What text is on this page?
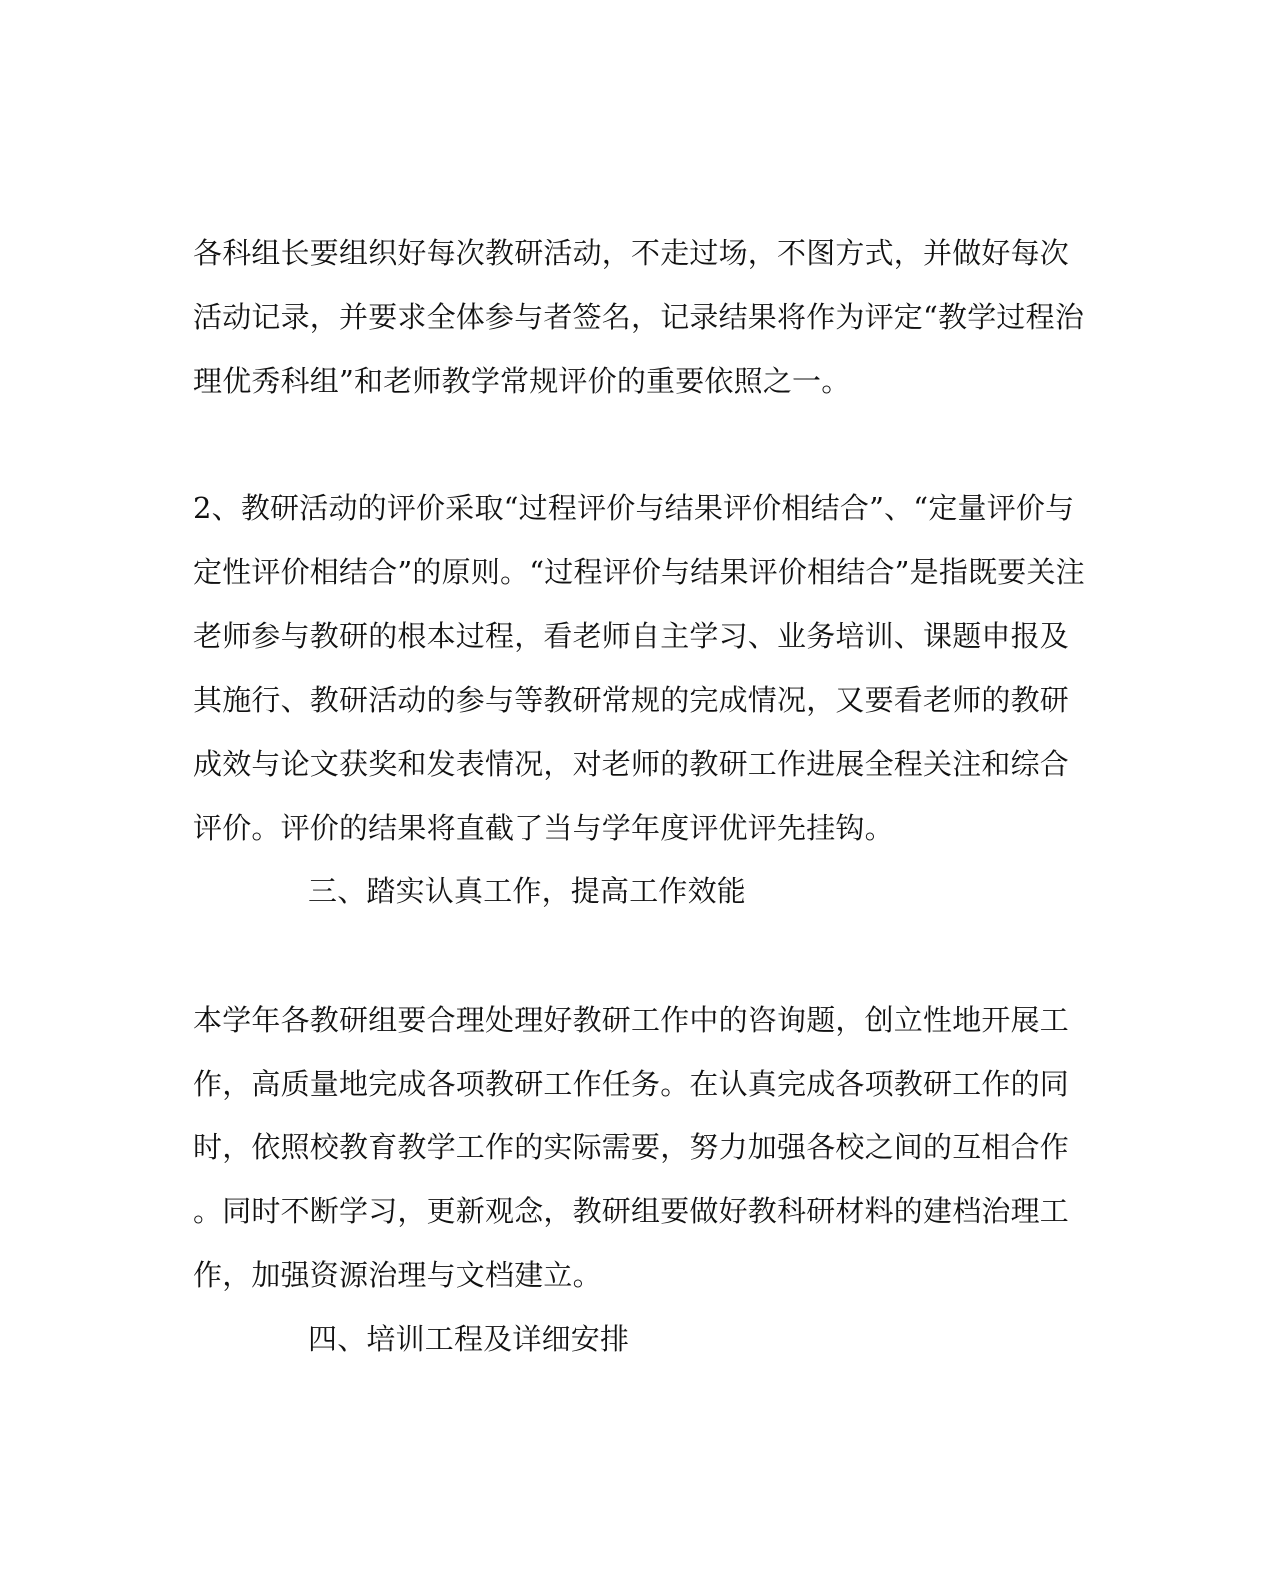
各科组长要组织好每次教研活动，不走过场，不图方式，并做好每次
活动记录，并要求全体参与者签名，记录结果将作为评定“教学过程治
理优秀科组”和老师教学常规评价的重要依照之一。
2、教研活动的评价采取“过程评价与结果评价相结合”、“定量评价与
定性评价相结合”的原则。“过程评价与结果评价相结合”是指既要关注
老师参与教研的根本过程，看老师自主学习、业务培训、课题申报及
其施行、教研活动的参与等教研常规的完成情况，又要看老师的教研
成效与论文获奖和发表情况，对老师的教研工作进展全程关注和综合
评价。评价的结果将直截了当与学年度评优评先挂钩。
三、踏实认真工作，提高工作效能
本学年各教研组要合理处理好教研工作中的咨询题，创立性地开展工
作，高质量地完成各项教研工作任务。在认真完成各项教研工作的同
时，依照校教育教学工作的实际需要，努力加强各校之间的互相合作
。同时不断学习，更新观念，教研组要做好教科研材料的建档治理工
作，加强资源治理与文档建立。
四、培训工程及详细安排
